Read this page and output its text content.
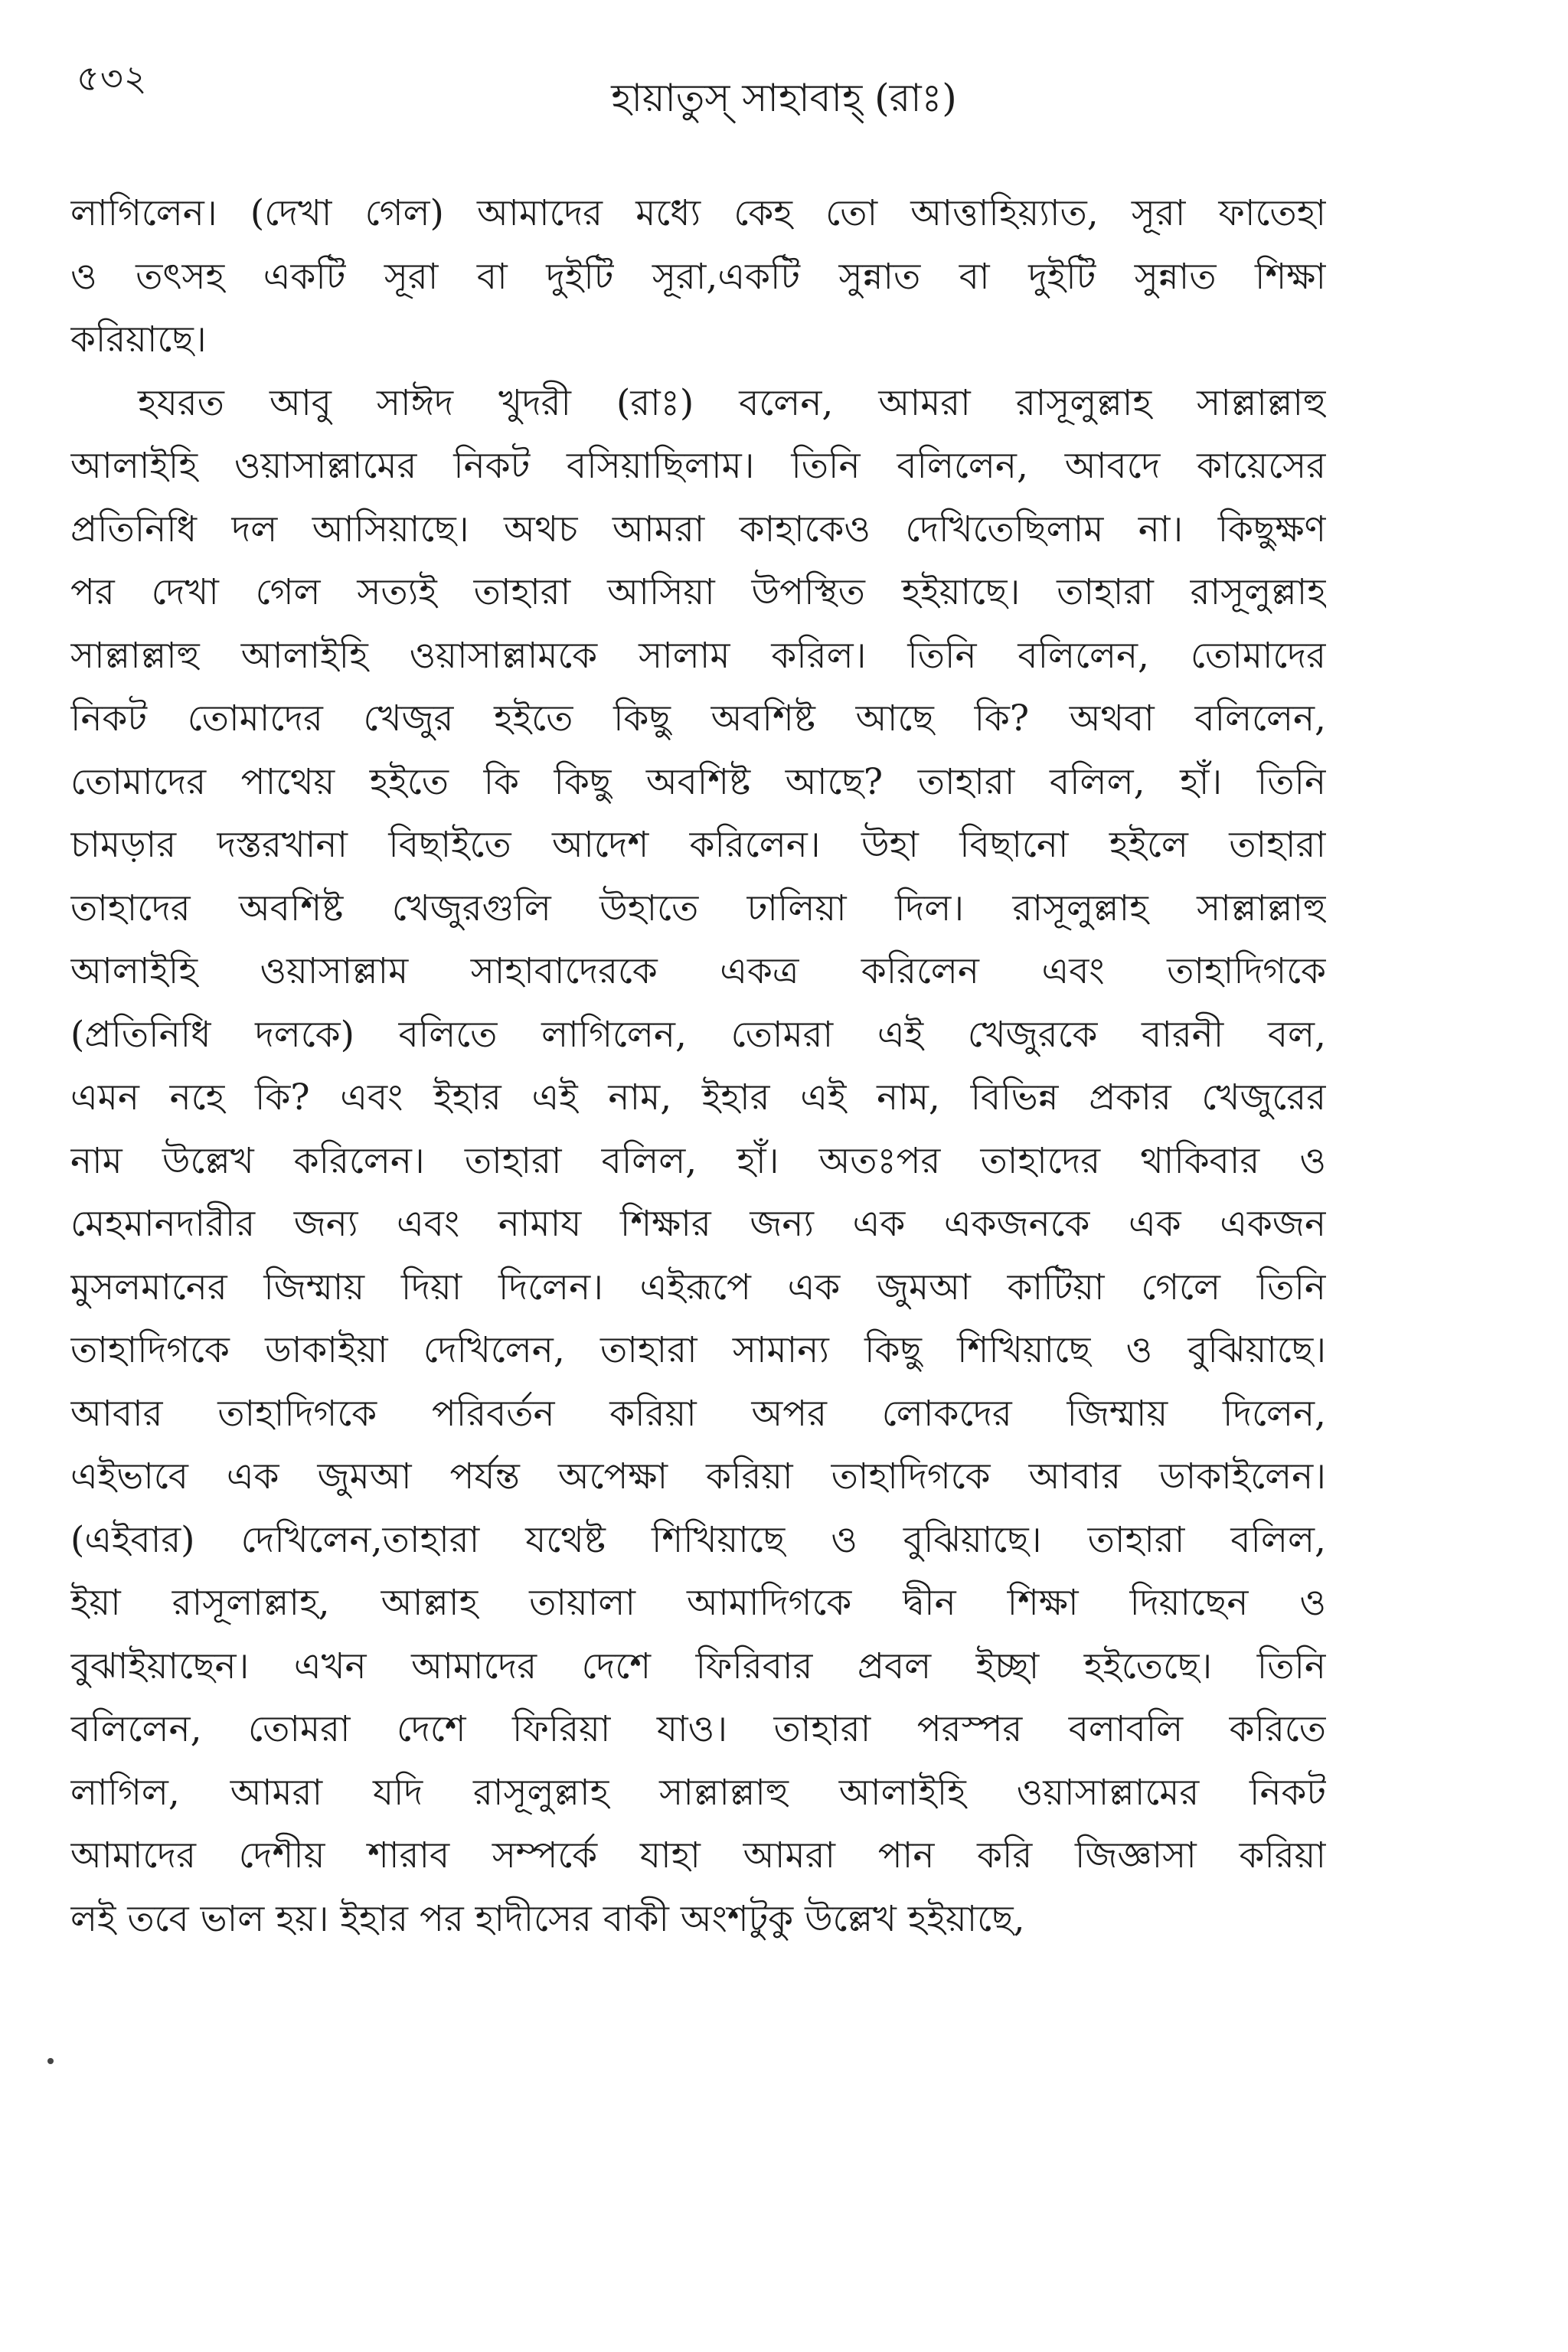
৫৩২	হায়াতুস্ সাহাবাহ্ (রাঃ)
লাগিলেন। (দেখা গেল) আমাদের মধ্যে কেহ তো আত্তাহিয়্যাত, সূরা ফাতেহা
ও তৎসহ একটি সূরা বা দুইটি সূরা,একটি সুন্নাত বা দুইটি সুন্নাত শিক্ষা
করিয়াছে।
হযরত আবু সাঈদ খুদরী (রাঃ) বলেন, আমরা রাসূলুল্লাহ সাল্লাল্লাহু
আলাইহি ওয়াসাল্লামের নিকট বসিয়াছিলাম। তিনি বলিলেন, আবদে কায়েসের
প্রতিনিধি দল আসিয়াছে। অথচ আমরা কাহাকেও দেখিতেছিলাম না। কিছুক্ষণ
পর দেখা গেল সত্যই তাহারা আসিয়া উপস্থিত হইয়াছে। তাহারা রাসূলুল্লাহ
সাল্লাল্লাহু আলাইহি ওয়াসাল্লামকে সালাম করিল। তিনি বলিলেন, তোমাদের
নিকট তোমাদের খেজুর হইতে কিছু অবশিষ্ট আছে কি? অথবা বলিলেন,
তোমাদের পাথেয় হইতে কি কিছু অবশিষ্ট আছে? তাহারা বলিল, হাঁ। তিনি
চামড়ার দস্তরখানা বিছাইতে আদেশ করিলেন। উহা বিছানো হইলে তাহারা
তাহাদের অবশিষ্ট খেজুরগুলি উহাতে ঢালিয়া দিল। রাসূলুল্লাহ সাল্লাল্লাহু
আলাইহি ওয়াসাল্লাম সাহাবাদেরকে একত্র করিলেন এবং তাহাদিগকে
(প্রতিনিধি দলকে) বলিতে লাগিলেন, তোমরা এই খেজুরকে বারনী বল,
এমন নহে কি? এবং ইহার এই নাম, ইহার এই নাম, বিভিন্ন প্রকার খেজুরের
নাম উল্লেখ করিলেন। তাহারা বলিল, হাঁ। অতঃপর তাহাদের থাকিবার ও
মেহমানদারীর জন্য এবং নামায শিক্ষার জন্য এক একজনকে এক একজন
মুসলমানের জিম্মায় দিয়া দিলেন। এইরূপে এক জুমআ কাটিয়া গেলে তিনি
তাহাদিগকে ডাকাইয়া দেখিলেন, তাহারা সামান্য কিছু শিখিয়াছে ও বুঝিয়াছে।
আবার তাহাদিগকে পরিবর্তন করিয়া অপর লোকদের জিম্মায় দিলেন,
এইভাবে এক জুমআ পর্যন্ত অপেক্ষা করিয়া তাহাদিগকে আবার ডাকাইলেন।
(এইবার) দেখিলেন,তাহারা যথেষ্ট শিখিয়াছে ও বুঝিয়াছে। তাহারা বলিল,
ইয়া রাসূলাল্লাহ, আল্লাহ তায়ালা আমাদিগকে দ্বীন শিক্ষা দিয়াছেন ও
বুঝাইয়াছেন। এখন আমাদের দেশে ফিরিবার প্রবল ইচ্ছা হইতেছে। তিনি
বলিলেন, তোমরা দেশে ফিরিয়া যাও। তাহারা পরস্পর বলাবলি করিতে
লাগিল, আমরা যদি রাসূলুল্লাহ সাল্লাল্লাহু আলাইহি ওয়াসাল্লামের নিকট
আমাদের দেশীয় শারাব সম্পর্কে যাহা আমরা পান করি জিজ্ঞাসা করিয়া
লই তবে ভাল হয়। ইহার পর হাদীসের বাকী অংশটুকু উল্লেখ হইয়াছে,
